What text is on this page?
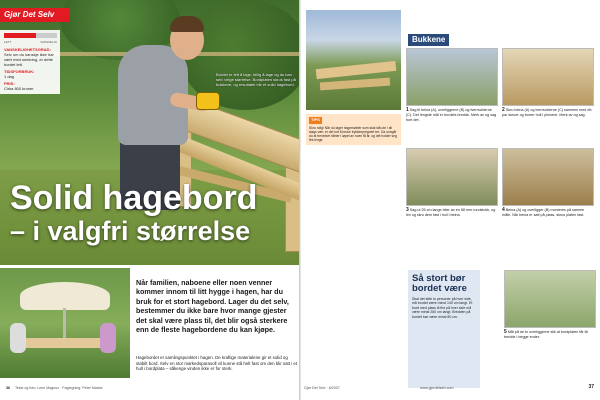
Bordet er lett å lage, billig å lage og du kan selv velge størrelse. Bordplaten skrus fast på bukkene, og resultatet blir et solid hagebord.
Gjør Det Selv
LETT	VANSKELIG
VANSKELIGHETSGRAD:
Selv om du kanskje ikke har vært med snekring, er dette bordet lett.
TIDSFORBRUK:
1 dag
PRIS:
Cirka 800 kroner
Solid hagebord
– i valgfri størrelse
Når familien, naboene eller noen venner kommer innom til litt hygge i hagen, har du bruk for et stort hagebord. Lager du det selv, bestemmer du ikke bare hvor mange gjester det skal være plass til, det blir også sterkere enn de fleste hagebordene du kan kjøpe.
Hagebordet er samlingspunktet i hagen. De kraftige materialene gir et solid og stabilt bord. Selv en stor markedsparasoll vil kunne stå helt fast om den blir satt i et hull i bordplata – såkenge vinden ikke er for sterk.
36 Tekst og foto: Lene Magnus · Fagtegning: Peter Madse
Bukkene
1 Sag til beina (A), overliggerne (B) og tverrsviderne (C). Det lengste mål er bordets bredde. Merk av og sag bort det.
2 Skru beina (A) og tverrsviderne (C) sammen med ett par skruer og borrer hull i pinnene. Merk av og sag.
3 Sag ut 25 cm lange biter av en 58 mm rundstokk, og lim og skru dem fast i hull i beina.
4 Beina (A) og overligger (B) monteres på samme måte. Når beina er satt på plass, skrus platen fast.
TIPS
Skru rolig! Når du lager hagemøbler som skal stå ute i all slags vær, er det lurt å bruke trykkimpregnert tre. Da unngår du at treverket råtner i løpet av noen få år, og det holder seg fint lenge.
Så stort bør bordet være
Skal det sitte to personer på hver side, må bordet være minst 140 cm langt. Et bord med plass til fire på hver side må være minst 260 cm langt. Bredden på bordet bør være minst 80 cm.
5 Mål på de to overliggerne slik at bordplaten får lik bredde i begge ender.
Gjør Det Selv · 8/2007	www.gjordetselv.com	37
